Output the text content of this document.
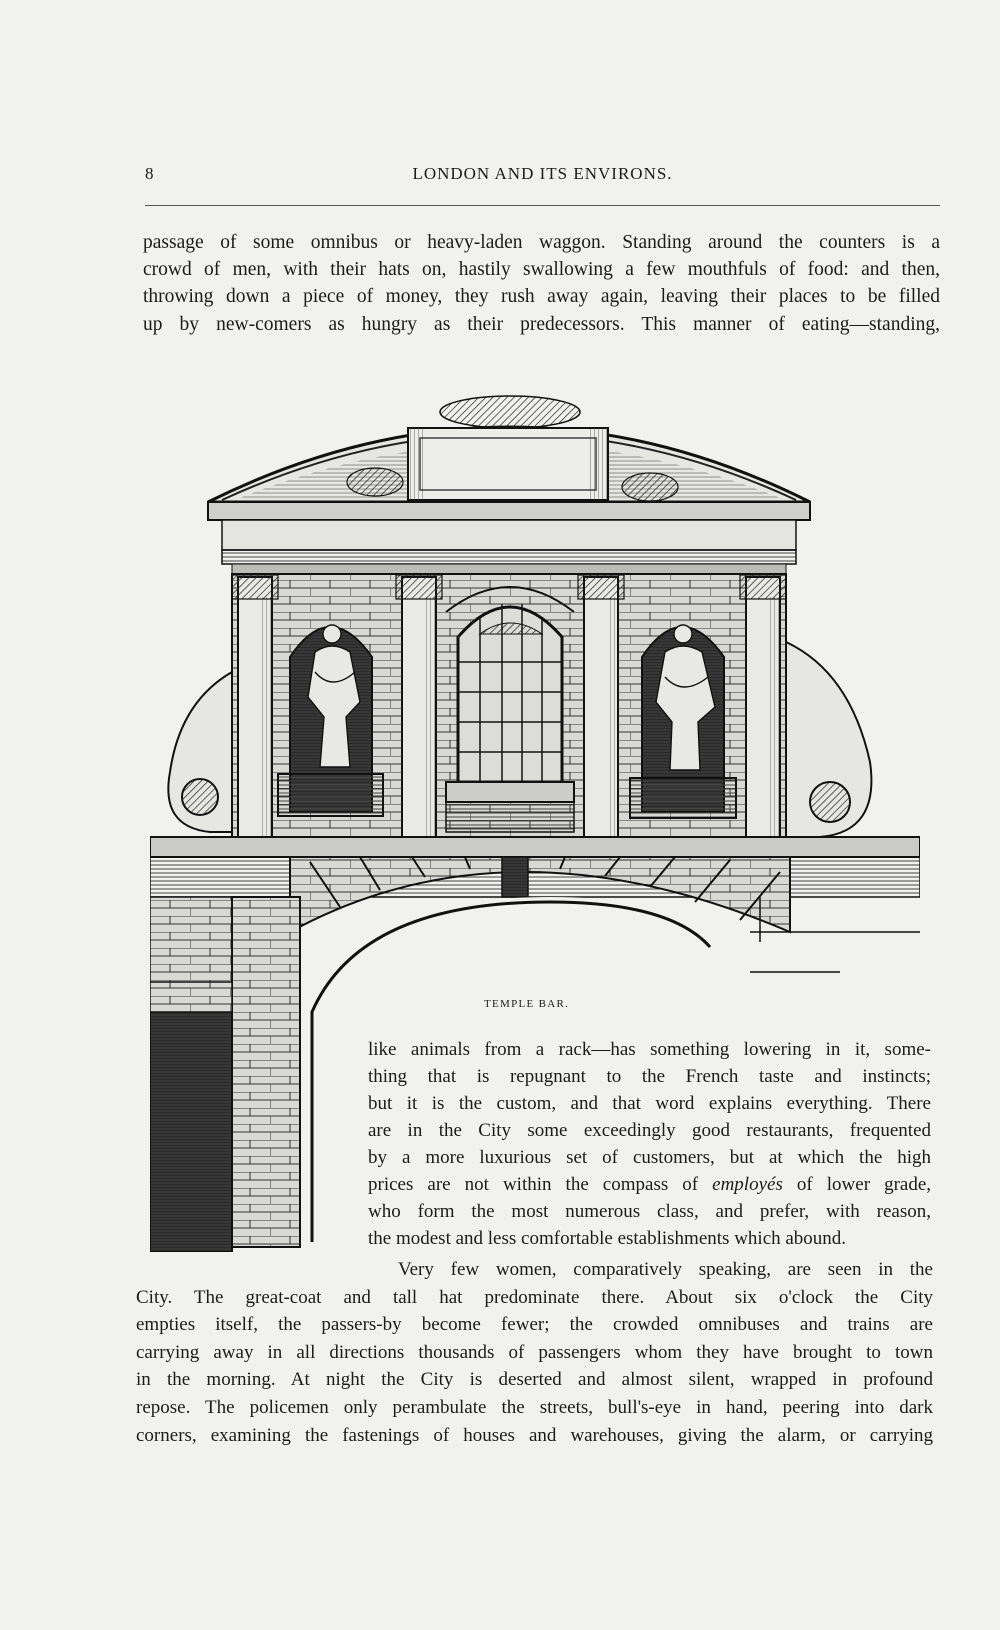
8	LONDON AND ITS ENVIRONS.
passage of some omnibus or heavy-laden waggon. Standing around the counters is a
crowd of men, with their hats on, hastily swallowing a few mouthfuls of food: and then,
throwing down a piece of money, they rush away again, leaving their places to be filled
up by new-comers as hungry as their predecessors. This manner of eating—standing,
TEMPLE BAR.
like animals from a rack—has something lowering in it, some-
thing that is repugnant to the French taste and instincts;
but it is the custom, and that word explains everything. There
are in the City some exceedingly good restaurants, frequented
by a more luxurious set of customers, but at which the high
prices are not within the compass of employés of lower grade,
who form the most numerous class, and prefer, with reason,
the modest and less comfortable establishments which abound.
Very few women, comparatively speaking, are seen in the
City. The great-coat and tall hat predominate there. About six o'clock the City
empties itself, the passers-by become fewer; the crowded omnibuses and trains are
carrying away in all directions thousands of passengers whom they have brought to town
in the morning. At night the City is deserted and almost silent, wrapped in profound
repose. The policemen only perambulate the streets, bull's-eye in hand, peering into dark
corners, examining the fastenings of houses and warehouses, giving the alarm, or carrying
